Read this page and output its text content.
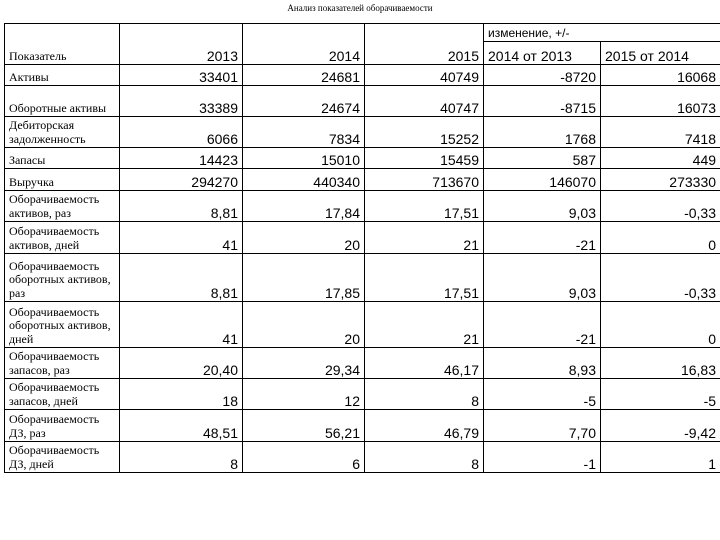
Анализ показателей оборачиваемости
Показатель	2013	2014	2015	изменение, +/-	
				2014 от 2013	2015 от 2014
Активы	33401	24681	40749	-8720	16068
Оборотные активы	33389	24674	40747	-8715	16073
Дебиторская задолженность	6066	7834	15252	1768	7418
Запасы	14423	15010	15459	587	449
Выручка	294270	440340	713670	146070	273330
Оборачиваемость активов, раз	8,81	17,84	17,51	9,03	-0,33
Оборачиваемость активов, дней	41	20	21	-21	0
Оборачиваемость оборотных активов, раз	8,81	17,85	17,51	9,03	-0,33
Оборачиваемость оборотных активов, дней	41	20	21	-21	0
Оборачиваемость запасов, раз	20,40	29,34	46,17	8,93	16,83
Оборачиваемость запасов, дней	18	12	8	-5	-5
Оборачиваемость ДЗ, раз	48,51	56,21	46,79	7,70	-9,42
Оборачиваемость ДЗ, дней	8	6	8	-1	1
